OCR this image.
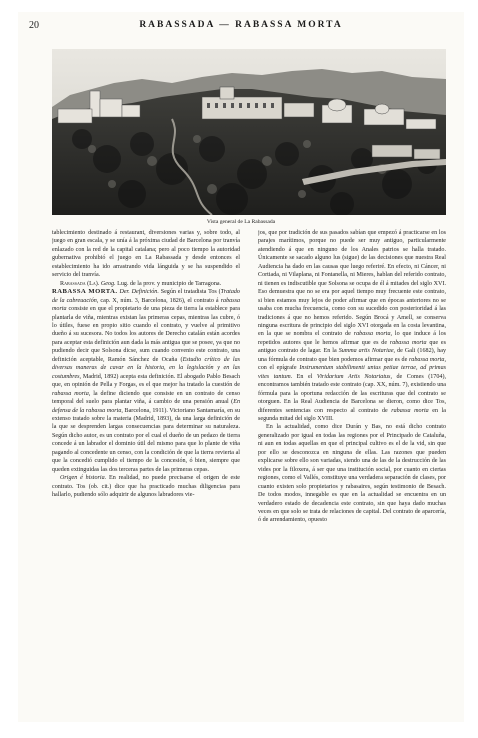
20	RABASSADA — RABASSA MORTA
Vista general de La Rabassada

tablecimiento destinado á restaurant, diversiones varias y, sobre todo, al juego en gran escala, y se unía á la próxima ciudad de Barcelona por tranvía enlazado con la red de la capital catalana; pero al poco tiempo la autoridad gubernativa prohibió el juego en La Rabassada y desde entonces el establecimiento ha ido arrastrando vida lánguida y se ha suspendido el servicio del tranvía.

Rabassada (La). Geog. Lug. de la prov. y municipio de Tarragona.

RABASSA MORTA. Der. Definición. Según el tratadista Tos (Tratado de la cabreuación, cap. X, núm. 3, Barcelona, 1826), el contrato á rabassa morta consiste en que el propietario de una pieza de tierra la establece para plantarla de viña, mientras existan las primeras cepas, mientras las cubre, ó lo útiles, fuese en propio sitio cuando el contrato, y vuelve al primitivo dueño á su sucesora. No todos los autores de Derecho catalán están acordes para aceptar esta definición aun dada la más antigua que se posee, ya que no pudiendo decir que Solsona dicse, sum cuando convenio este contrato, una definición aceptable, Ramón Sánchez de Ocaña (Estudio crítico de las diversas maneras de cavar en la historia, en la legislación y en las costumbres, Madrid, 1892) acepta esta definición. El abogado Pablo Besach que, en opinión de Pella y Forgas, es el que mejor ha tratado la cuestión de rabassa morta, la define diciendo que consiste en un contrato de censo temporal del suelo para plantar viña, á cambio de una pensión anual (En defensa de la rabassa morta, Barcelona, 1911). Victoriano Santamaría, en su extenso tratado sobre la materia (Madrid, 1893), da una larga definición de la que se desprenden largas consecuencias para determinar su naturaleza. Según dicho autor, es un contrato por el cual el dueño de un pedazo de tierra concede á un labrador el dominio útil del mismo para que lo plante de viña pagando al concedente un censo, con la condición de que la tierra revierta al que la concedió cumplido el tiempo de la concesión, ó bien, siempre que queden extinguidas las dos terceras partes de las primeras cepas.

Origen é historia. En realidad, no puede precisarse el origen de este contrato. Tos (ob. cit.) dice que ha practicado muchas diligencias para hallarlo, pudiendo sólo adquirir de algunos labradores vie-

jos, que por tradición de sus pasados sabían que empezó á practicarse en los parajes marítimos, porque no puede ser muy antiguo, particularmente atendiendo á que en ninguno de los Anales patrios se halla tratado. Únicamente se sacado alguno lus (sigue) de las decisiones que nuestra Real Audiencia ha dado en las causas que luego referiré. En efecto, ni Cáncer, ni Cortiada, ni Vilaplana, ni Fontanella, ni Mieres, hablan del referido contrato, ni tienen es indiscutible que Solsona se ocupa de él á mitades del siglo XVI. Eso demuestra que no se era por aquel tiempo muy frecuente este contrato, si bien estamos muy lejos de poder afirmar que en épocas anteriores no se usaba con mucha frecuencia, como con su sucedido con posterioridad á las tradiciones á que no hemos referido. Según Brocá y Amell, se conserva ninguna escritura de principio del siglo XVI otorgada en la costa levantina, en la que se nombra el contrato de rabassa morta, lo que induce á los repetidos autores que le hemos afirmar que es de rabassa morta que es antiguo contrato de lagar. En la Summa artis Notariae, de Gali (1682), hay una fórmula de contrato que bien podemos afirmar que es de rabassa morta, con el epígrafe Instrumentum stabilimenti unius petiae terrae, ad primas vites tantum. En el Viridarium Artis Notariatus, de Comes (1704), encontramos también tratado este contrato (cap. XX, núm. 7), existiendo una fórmula para la oportuna redacción de las escrituras que del contrato se otorguen. En la Real Audiencia de Barcelona se dieron, como dice Tos, diferentes sentencias con respecto al contrato de rabassa morta en la segunda mitad del siglo XVIII.

En la actualidad, como dice Durán y Bas, no está dicho contrato generalizado por igual en todas las regiones por el Principado de Cataluña, ni aun en todas aquellas en que el principal cultivo es el de la vid, sin que por ello se desconozca en ninguna de ellas. Las razones que pueden explicarse sobre ello son variadas, siendo una de las de la destrucción de las vides por la filoxera, á ser que una institución social, por cuanto en ciertas regiones, como el Vallés, constituye una verdadera separación de clases, por cuanto existen solo propietarios y rabasaires, según testimonio de Besach. De todos modos, innegable es que en la actualidad se encuentra en un verdadero estado de decadencia este contrato, sin que haya dado muchas veces en que solo se trata de relaciones de capital. Del contrato de aparcería, ó de arrendamiento, opuesto
